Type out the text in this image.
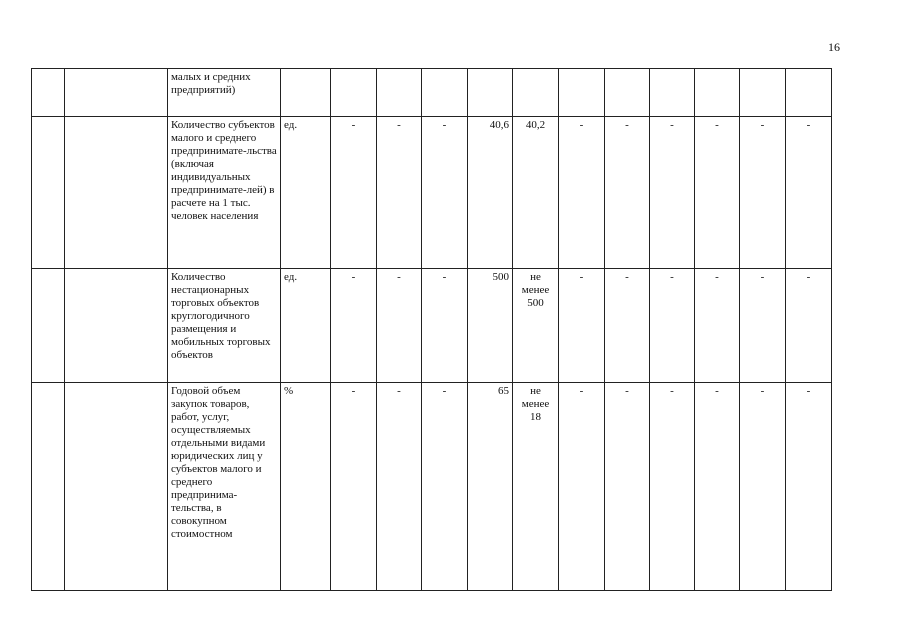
16
		малых и средних предприятий)												
		Количество субъектов малого и среднего предпринимате-льства (включая индивидуальных предпринимате-лей) в расчете на 1 тыс. человек населения	ед.	-	-	-	40,6	40,2	-	-	-	-	-	-
		Количество нестационарных торговых объектов круглогодичного размещения и мобильных торговых объектов	ед.	-	-	-	500	не менее 500	-	-	-	-	-	-
		Годовой объем закупок товаров, работ, услуг, осуществляемых отдельными видами юридических лиц у субъектов малого и среднего предпринима-тельства, в совокупном стоимостном	%	-	-	-	65	не менее 18	-	-	-	-	-	-
